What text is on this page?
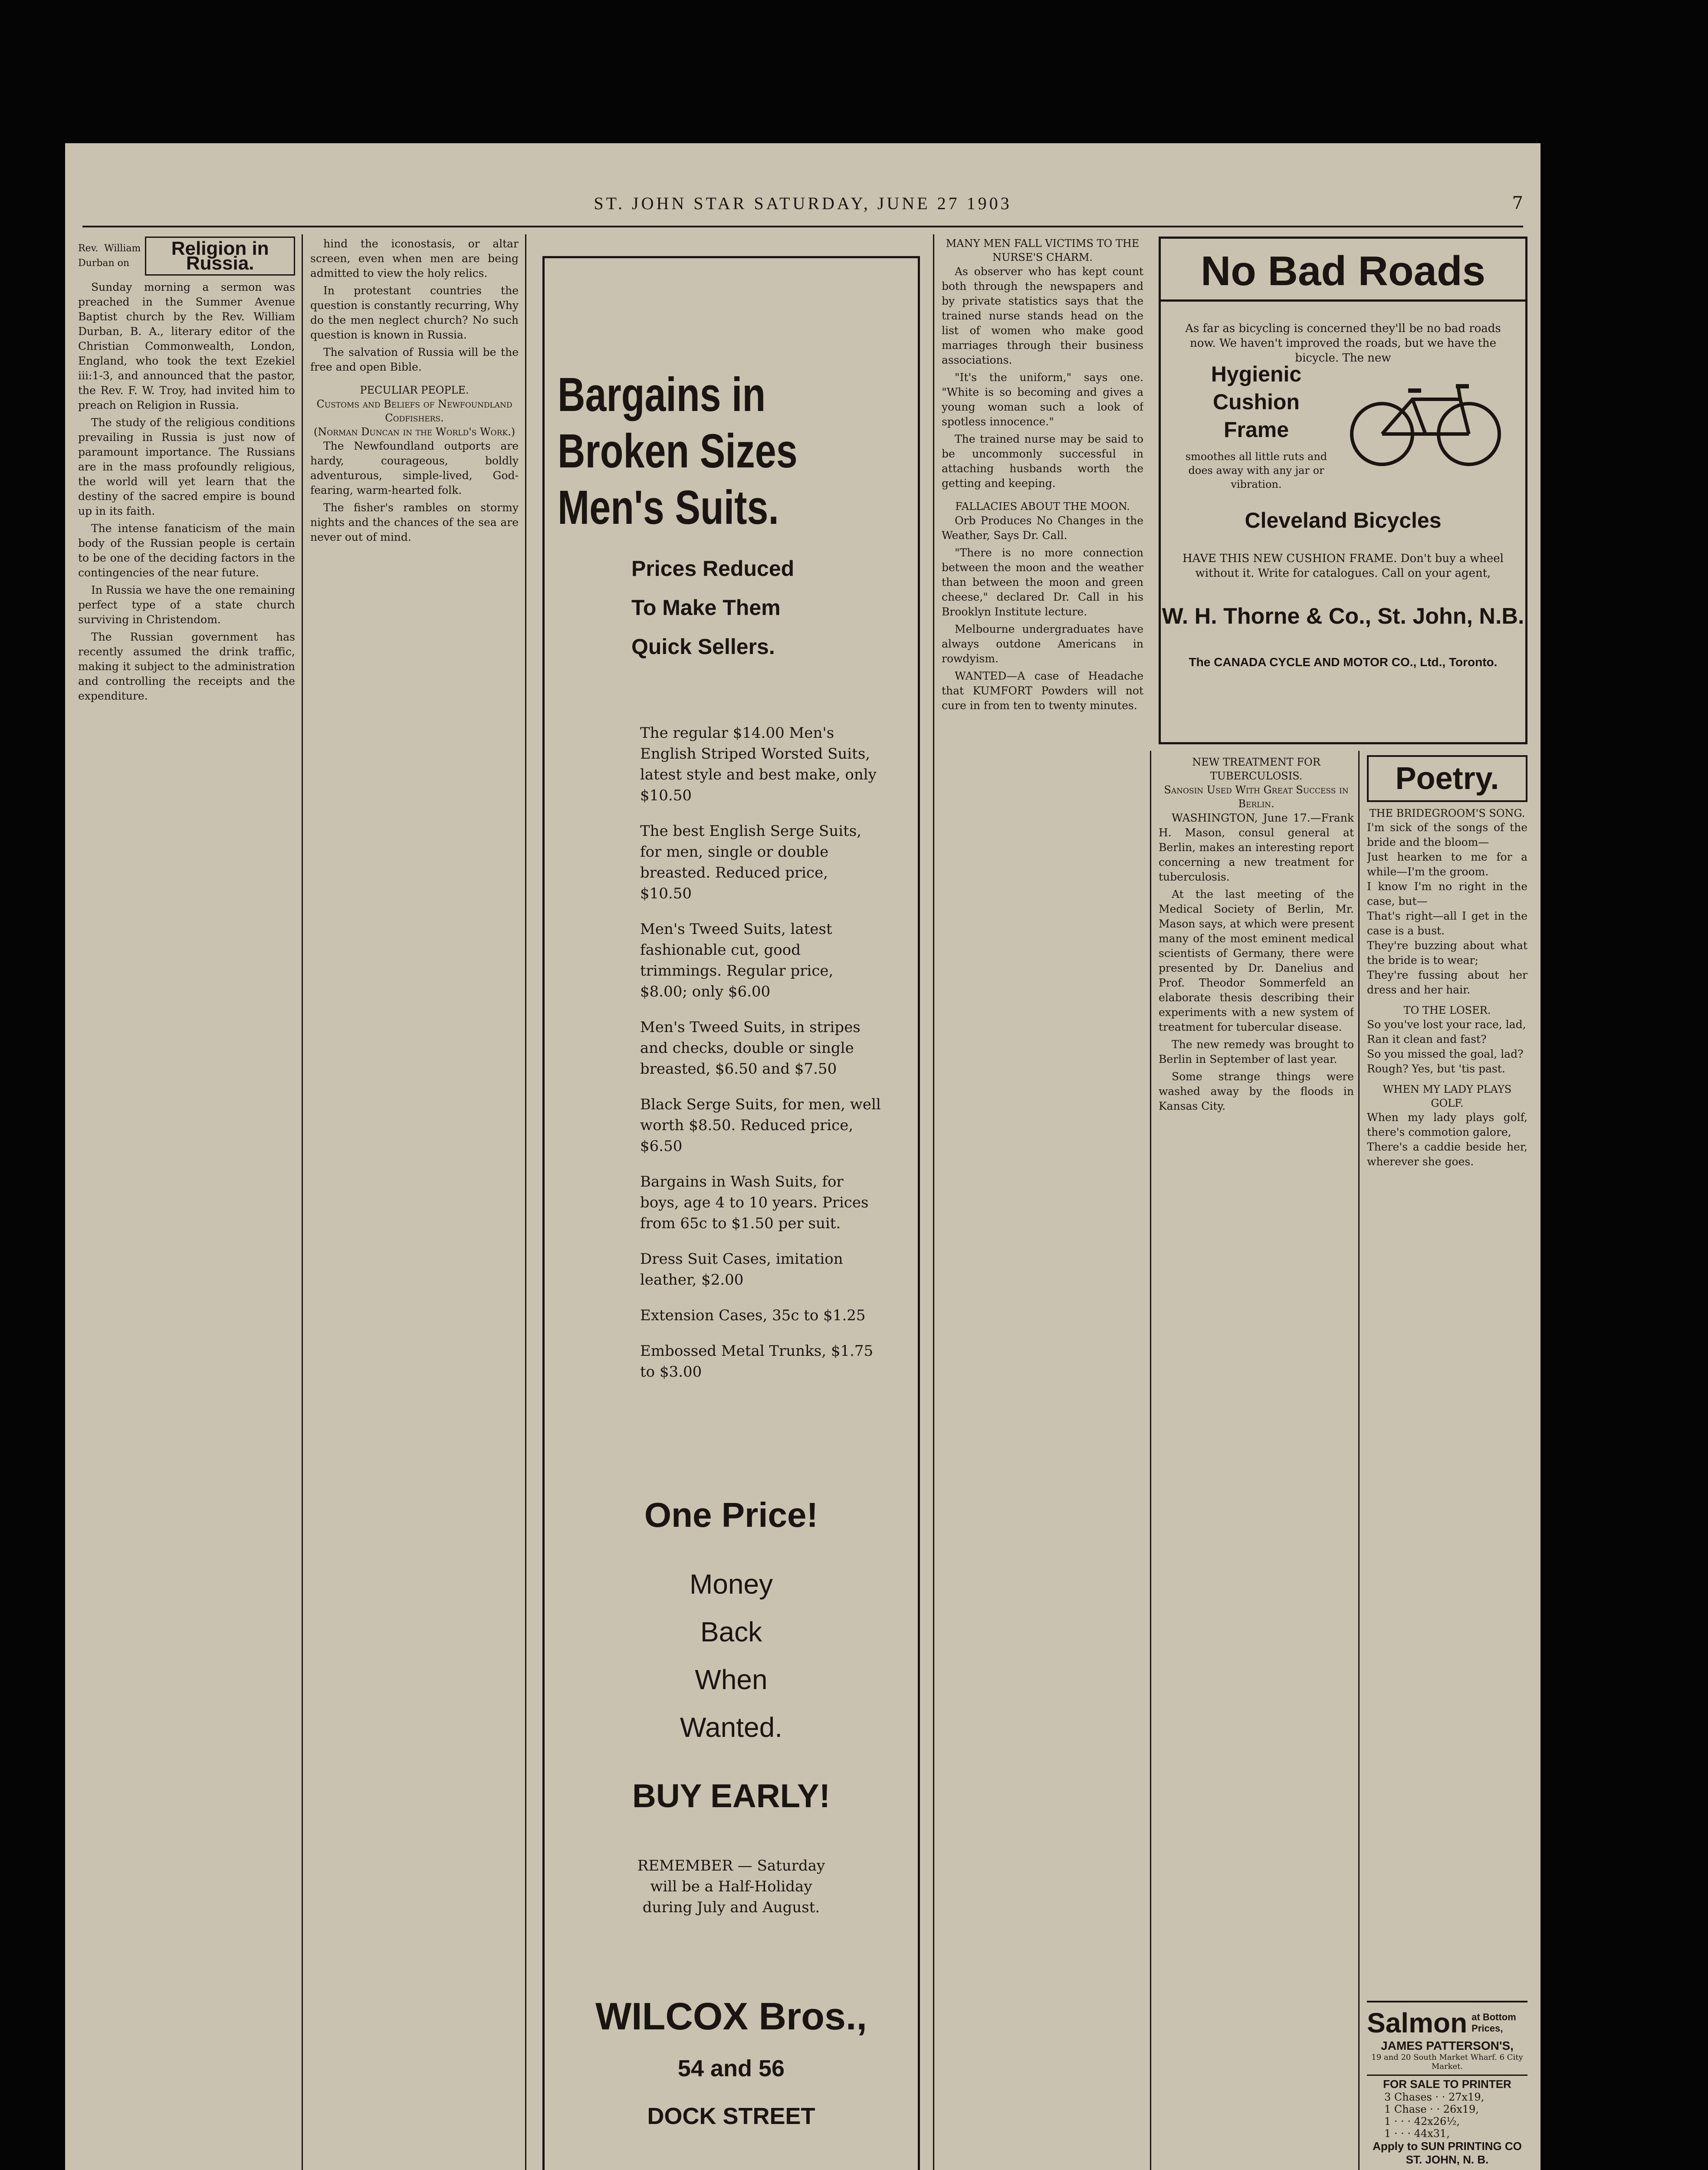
ST. JOHN STAR SATURDAY, JUNE 27 1903	7
Rev. William Durban on
Religion in Russia.

Sunday morning a sermon was preached in the Summer Avenue Baptist church by the Rev. William Durban, B. A., literary editor of the Christian Commonwealth, London, England, who took the text Ezekiel iii:1-3, and announced that the pastor, the Rev. F. W. Troy, had invited him to preach on Religion in Russia.

The study of the religious conditions prevailing in Russia is just now of paramount importance. The Russians are in the mass profoundly religious, the world will yet learn that the destiny of the sacred empire is bound up in its faith.

The intense fanaticism of the main body of the Russian people is certain to be one of the deciding factors in the contingencies of the near future.

In Russia we have the one remaining perfect type of a state church surviving in Christendom.

The Russian government has recently assumed the drink traffic, making it subject to the administration and controlling the receipts and the expenditure.

hind the iconostasis, or altar screen, even when men are being admitted to view the holy relics.

In protestant countries the question is constantly recurring, Why do the men neglect church? No such question is known in Russia.

The salvation of Russia will be the free and open Bible.

PECULIAR PEOPLE.
Customs and Beliefs of Newfoundland Codfishers.
(Norman Duncan in the World's Work.)

The Newfoundland outports are hardy, courageous, boldly adventurous, simple-lived, God-fearing, warm-hearted folk.

The fisher's rambles on stormy nights and the chances of the sea are never out of mind.

Bargains in
Broken Sizes
Men's Suits.
Prices Reduced
To Make Them
Quick Sellers.
The regular $14.00 Men's English Striped Worsted Suits, latest style and best make, only $10.50
The best English Serge Suits, for men, single or double breasted. Reduced price, $10.50
Men's Tweed Suits, latest fashionable cut, good trimmings. Regular price, $8.00; only $6.00
Men's Tweed Suits, in stripes and checks, double or single breasted, $6.50 and $7.50
Black Serge Suits, for men, well worth $8.50. Reduced price, $6.50
Bargains in Wash Suits, for boys, age 4 to 10 years. Prices from 65c to $1.50 per suit.
Dress Suit Cases, imitation leather, $2.00
Extension Cases, 35c to $1.25
Embossed Metal Trunks, $1.75 to $3.00
One Price!
Money
Back
When
Wanted.
BUY EARLY!
REMEMBER — Saturday will be a Half-Holiday during July and August.
WILCOX Bros.,
54 and 56
DOCK STREET
MANY MEN FALL VICTIMS TO THE NURSE'S CHARM.

As observer who has kept count both through the newspapers and by private statistics says that the trained nurse stands head on the list of women who make good marriages through their business associations.

"It's the uniform," says one. "White is so becoming and gives a young woman such a look of spotless innocence."

The trained nurse may be said to be uncommonly successful in attaching husbands worth the getting and keeping.

FALLACIES ABOUT THE MOON.

Orb Produces No Changes in the Weather, Says Dr. Call.

"There is no more connection between the moon and the weather than between the moon and green cheese," declared Dr. Call in his Brooklyn Institute lecture.

Melbourne undergraduates have always outdone Americans in rowdyism.

WANTED—A case of Headache that KUMFORT Powders will not cure in from ten to twenty minutes.

No Bad Roads
As far as bicycling is concerned they'll be no bad roads now. We haven't improved the roads, but we have the bicycle. The new
Hygienic
Cushion
Frame
smoothes all little ruts and does away with any jar or vibration.
Cleveland Bicycles
HAVE THIS NEW CUSHION FRAME. Don't buy a wheel without it. Write for catalogues. Call on your agent,
W. H. Thorne & Co., St. John, N.B.
The CANADA CYCLE AND MOTOR CO., Ltd., Toronto.
NEW TREATMENT FOR TUBERCULOSIS.
Sanosin Used With Great Success in Berlin.

WASHINGTON, June 17.—Frank H. Mason, consul general at Berlin, makes an interesting report concerning a new treatment for tuberculosis.

At the last meeting of the Medical Society of Berlin, Mr. Mason says, at which were present many of the most eminent medical scientists of Germany, there were presented by Dr. Danelius and Prof. Theodor Sommerfeld an elaborate thesis describing their experiments with a new system of treatment for tubercular disease.

The new remedy was brought to Berlin in September of last year.

Some strange things were washed away by the floods in Kansas City.

Poetry.
THE BRIDEGROOM'S SONG.
I'm sick of the songs of the bride and the bloom—
Just hearken to me for a while—I'm the groom.
I know I'm no right in the case, but—
That's right—all I get in the case is a bust.
They're buzzing about what the bride is to wear;
They're fussing about her dress and her hair.
TO THE LOSER.
So you've lost your race, lad,
Ran it clean and fast?
So you missed the goal, lad?
Rough? Yes, but 'tis past.
WHEN MY LADY PLAYS GOLF.
When my lady plays golf, there's commotion galore,
There's a caddie beside her, wherever she goes.
Salmon at Bottom Prices,
JAMES PATTERSON'S,
19 and 20 South Market Wharf. 6 City Market.
FOR SALE TO PRINTER
3 Chases · · 27x19,
1 Chase · · 26x19,
1 · · · 42x26½,
1 · · · 44x31,
Apply to SUN PRINTING CO
ST. JOHN, N. B.
